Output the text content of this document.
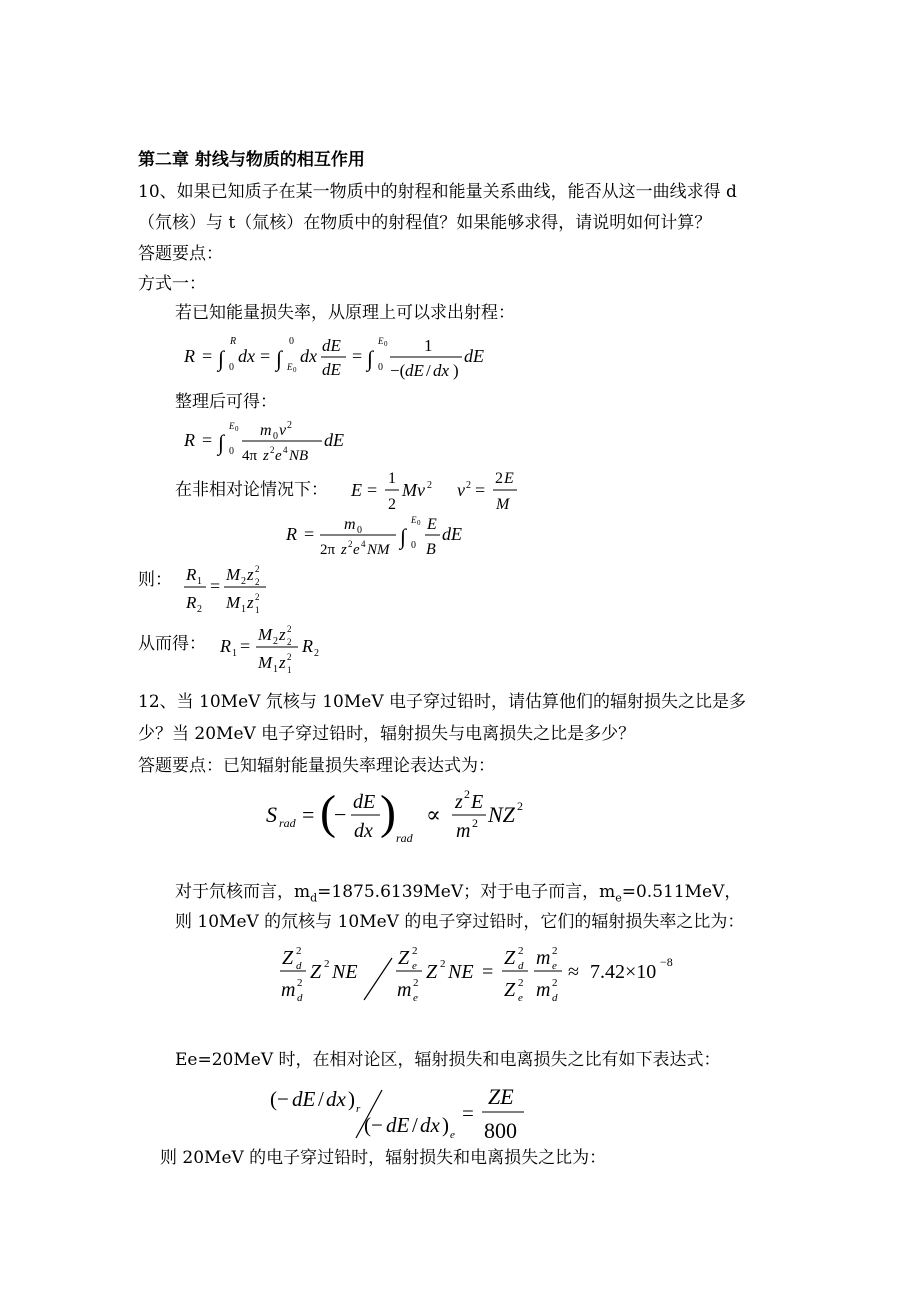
第二章 射线与物质的相互作用

10、如果已知质子在某一物质中的射程和能量关系曲线，能否从这一曲线求得 d

（氘核）与 t（氚核）在物质中的射程值？如果能够求得，请说明如何计算？

答题要点：

方式一：

若已知能量损失率，从原理上可以求出射程：

R = ∫
R
0
dx = ∫
0
E 0
dx
dE
dE
= ∫
E 0
0
1
−( dE / dx )
dE

整理后可得：

R = ∫
E 0
0
m 0 v 2
4π z 2 e 4 NB
dE

在非相对论情况下： E =
1
2
Mv 2 v 2 =
2 E
M
R = m 0
2π z 2 e 4 NM
∫
E 0
0
E
B
dE

则： R 1
R 2
=
M 2 z 2
2
M 1 z 2
1

从而得： R 1 =
M 2 z 2
2
M 1 z 2
1
R 2

12、当 10MeV 氘核与 10MeV 电子穿过铅时，请估算他们的辐射损失之比是多

少？当 20MeV 电子穿过铅时，辐射损失与电离损失之比是多少？

答题要点：已知辐射能量损失率理论表达式为：

S rad = (
− dE
dx ) rad
∝ z 2 E
m 2 NZ 2

对于氘核而言，$m_d=1875.6139MeV$；对于电子而言，$m_e=0.511MeV$，

则 10MeV 的氘核与 10MeV 的电子穿过铅时，它们的辐射损失率之比为：

Z 2
d
m 2
d
Z 2 NE
Z 2
e
m 2
e
Z 2 NE =
Z 2
d
Z 2
e
m 2
e
m 2
d
≈ 7.42×10 −8

Ee=20MeV 时，在相对论区，辐射损失和电离损失之比有如下表达式：

(− dE / dx ) r
(− dE / dx ) e
=
ZE
800

则 20MeV 的电子穿过铅时，辐射损失和电离损失之比为：
